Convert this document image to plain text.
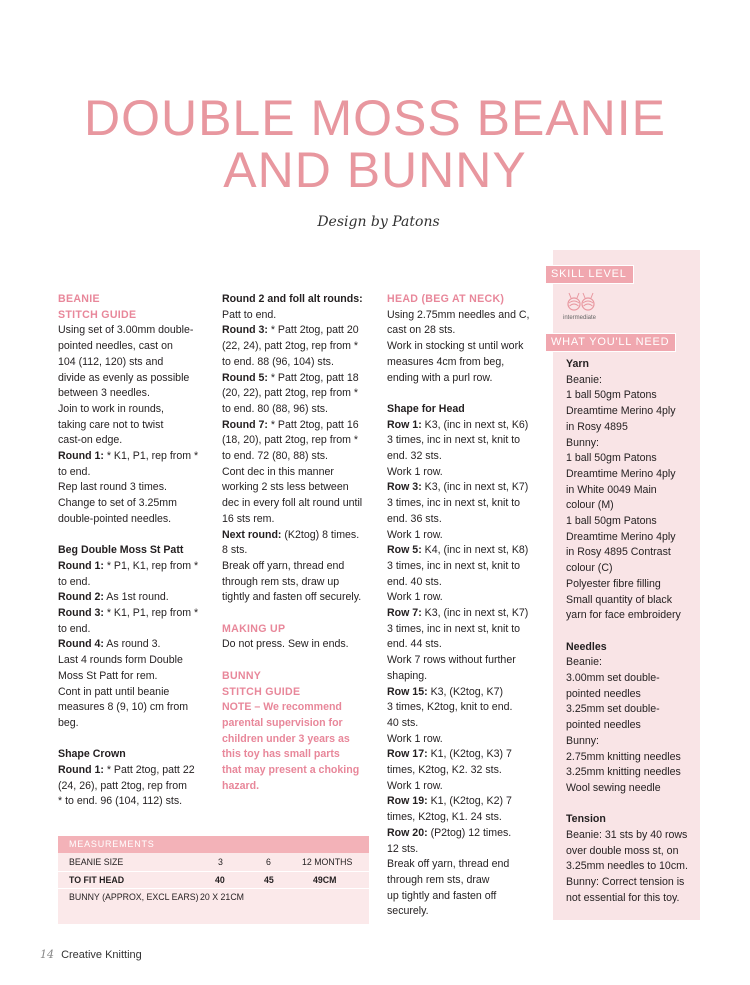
DOUBLE MOSS BEANIE
AND BUNNY
Design by Patons

BEANIE

STITCH GUIDE

Using set of 3.00mm double-

pointed needles, cast on

104 (112, 120) sts and

divide as evenly as possible

between 3 needles.

Join to work in rounds,

taking care not to twist

cast-on edge.

Round 1: * K1, P1, rep from *

to end.

Rep last round 3 times.

Change to set of 3.25mm

double-pointed needles.

Beg Double Moss St Patt

Round 1: * P1, K1, rep from *

to end.

Round 2: As 1st round.

Round 3: * K1, P1, rep from *

to end.

Round 4: As round 3.

Last 4 rounds form Double

Moss St Patt for rem.

Cont in patt until beanie

measures 8 (9, 10) cm from

beg.

Shape Crown

Round 1: * Patt 2tog, patt 22

(24, 26), patt 2tog, rep from

* to end. 96 (104, 112) sts.

Round 2 and foll alt rounds:

Patt to end.

Round 3: * Patt 2tog, patt 20

(22, 24), patt 2tog, rep from *

to end. 88 (96, 104) sts.

Round 5: * Patt 2tog, patt 18

(20, 22), patt 2tog, rep from *

to end. 80 (88, 96) sts.

Round 7: * Patt 2tog, patt 16

(18, 20), patt 2tog, rep from *

to end. 72 (80, 88) sts.

Cont dec in this manner

working 2 sts less between

dec in every foll alt round until

16 sts rem.

Next round: (K2tog) 8 times.

8 sts.

Break off yarn, thread end

through rem sts, draw up

tightly and fasten off securely.

MAKING UP

Do not press. Sew in ends.

BUNNY

STITCH GUIDE

NOTE – We recommend

parental supervision for

children under 3 years as

this toy has small parts

that may present a choking

hazard.

HEAD (BEG AT NECK)

Using 2.75mm needles and C,

cast on 28 sts.

Work in stocking st until work

measures 4cm from beg,

ending with a purl row.

Shape for Head

Row 1: K3, (inc in next st, K6)

3 times, inc in next st, knit to

end. 32 sts.

Work 1 row.

Row 3: K3, (inc in next st, K7)

3 times, inc in next st, knit to

end. 36 sts.

Work 1 row.

Row 5: K4, (inc in next st, K8)

3 times, inc in next st, knit to

end. 40 sts.

Work 1 row.

Row 7: K3, (inc in next st, K7)

3 times, inc in next st, knit to

end. 44 sts.

Work 7 rows without further

shaping.

Row 15: K3, (K2tog, K7)

3 times, K2tog, knit to end.

40 sts.

Work 1 row.

Row 17: K1, (K2tog, K3) 7

times, K2tog, K2. 32 sts.

Work 1 row.

Row 19: K1, (K2tog, K2) 7

times, K2tog, K1. 24 sts.

Row 20: (P2tog) 12 times.

12 sts.

Break off yarn, thread end

through rem sts, draw

up tightly and fasten off

securely.

SKILL LEVEL
intermediate
WHAT YOU'LL NEED

Yarn

Beanie:

1 ball 50gm Patons

Dreamtime Merino 4ply

in Rosy 4895

Bunny:

1 ball 50gm Patons

Dreamtime Merino 4ply

in White 0049 Main

colour (M)

1 ball 50gm Patons

Dreamtime Merino 4ply

in Rosy 4895 Contrast

colour (C)

Polyester fibre filling

Small quantity of black

yarn for face embroidery

Needles

Beanie:

3.00mm set double-

pointed needles

3.25mm set double-

pointed needles

Bunny:

2.75mm knitting needles

3.25mm knitting needles

Wool sewing needle

Tension

Beanie: 31 sts by 40 rows

over double moss st, on

3.25mm needles to 10cm.

Bunny: Correct tension is

not essential for this toy.

MEASUREMENTS
BEANIE SIZE	3	6	12 MONTHS
TO FIT HEAD	40	45	49CM
BUNNY (APPROX, EXCL EARS) 20 X 21CM
14 Creative Knitting
